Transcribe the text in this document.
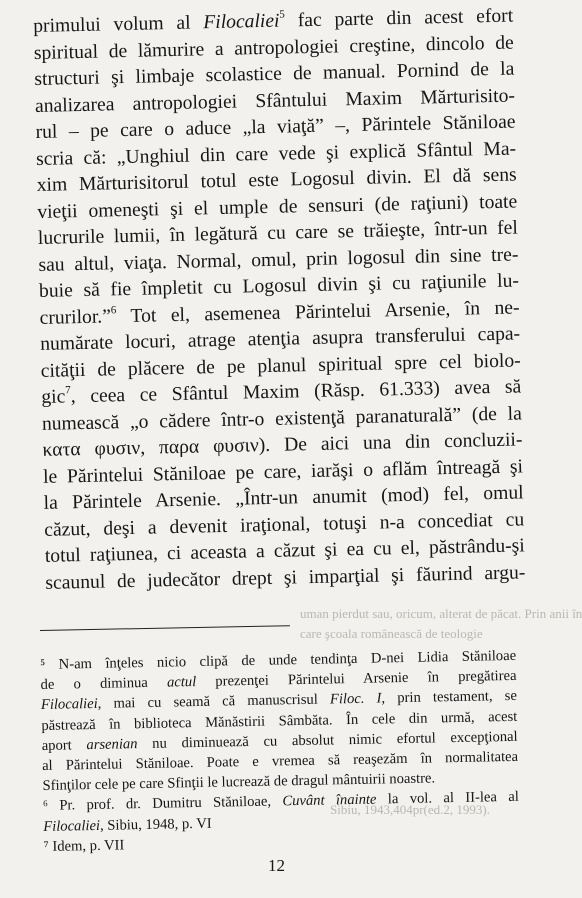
uman pierdut sau, oricum, alterat de păcat. Prin anii în
care şcoala românească de teologie
Sibiu, 1943,404pr(ed.2, 1993).
primului volum al Filocaliei$^5$ fac parte din acest efort
spiritual de lămurire a antropologiei creştine, dincolo de
structuri şi limbaje scolastice de manual. Pornind de la
analizarea antropologiei Sfântului Maxim Mărturisito-
rul – pe care o aduce „la viaţă” –, Părintele Stăniloae
scria că: „Unghiul din care vede şi explică Sfântul Ma-
xim Mărturisitorul totul este Logosul divin. El dă sens
vieţii omeneşti şi el umple de sensuri (de raţiuni) toate
lucrurile lumii, în legătură cu care se trăieşte, într-un fel
sau altul, viaţa. Normal, omul, prin logosul din sine tre-
buie să fie împletit cu Logosul divin şi cu raţiunile lu-
crurilor.”$^6$ Tot el, asemenea Părintelui Arsenie, în ne-
numărate locuri, atrage atenţia asupra transferului capa-
cităţii de plăcere de pe planul spiritual spre cel biolo-
gic$^7$, ceea ce Sfântul Maxim (Răsp. 61.333) avea să
numească „o cădere într-o existenţă paranaturală” (de la
κατα φυσιν, παρα φυσιν). De aici una din concluzii-
le Părintelui Stăniloae pe care, iarăşi o aflăm întreagă şi
la Părintele Arsenie. „Într-un anumit (mod) fel, omul
căzut, deşi a devenit iraţional, totuşi n-a concediat cu
totul raţiunea, ci aceasta a căzut şi ea cu el, păstrându-şi
scaunul de judecător drept şi imparţial şi făurind argu-
⁵ N-am înţeles nicio clipă de unde tendinţa D-nei Lidia Stăniloae
de o diminua actul prezenţei Părintelui Arsenie în pregătirea
Filocaliei, mai cu seamă că manuscrisul Filoc. I, prin testament, se
păstrează în biblioteca Mănăstirii Sâmbăta. În cele din urmă, acest
aport arsenian nu diminuează cu absolut nimic efortul excepţional
al Părintelui Stăniloae. Poate e vremea să reaşezăm în normalitatea
Sfinţilor cele pe care Sfinţii le lucrează de dragul mântuirii noastre.
⁶ Pr. prof. dr. Dumitru Stăniloae, Cuvânt înainte la vol. al II-lea al
Filocaliei, Sibiu, 1948, p. VI
⁷ Idem, p. VII
12
